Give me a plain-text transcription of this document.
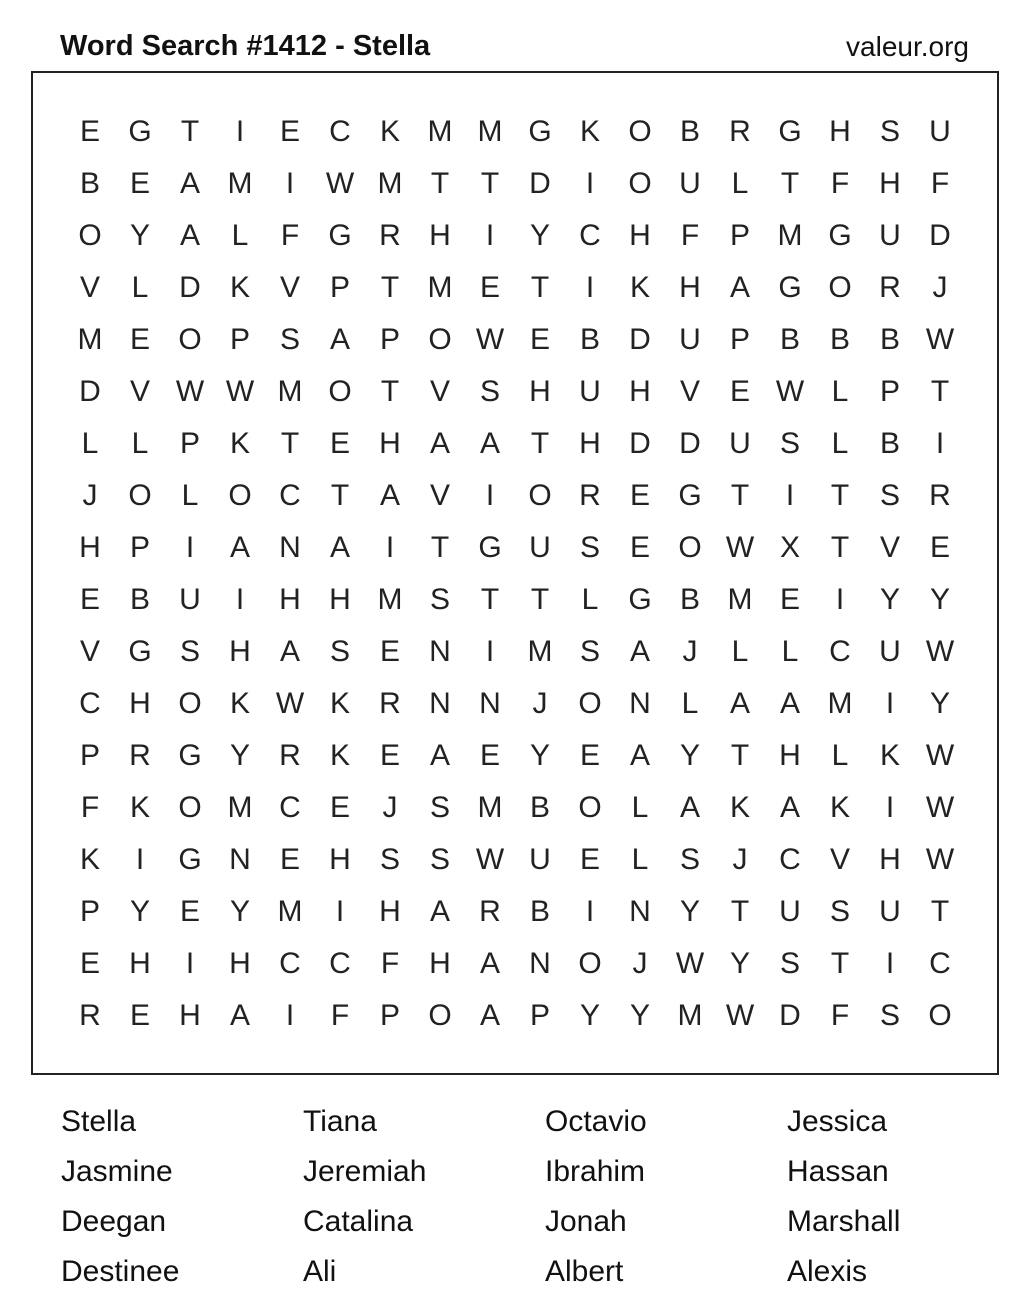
Word Search #1412 - Stella	valeur.org
E G T	I	E C K M M G K O B R G H S U
B E A M	I	W M T	T	D	I	O U	L	T	F	H	F
O Y A	L	F G R H	I	Y C H	F	P M G U D
V	L	D K V P	T M E	T	I	K H A G O R	J
M E O P S A P O W E B D U P B B B W
D V W W M O T	V S H U H V E W L	P	T
L	L	P K	T	E H A A	T	H D D U S	L	B	I
J	O L O C	T	A V	I	O R E G T	I	T	S R
H P	I	A N A	I	T G U S E O W X	T	V E
E B U	I	H H M S	T	T	L G B M E	I	Y Y
V G S H A S E N	I	M S A	J	L	L	C U W
C H O K W K R N N	J	O N	L	A A M	I	Y
P R G Y R K E A E Y E A Y	T	H	L	K W
F	K O M C E	J	S M B O L	A K A K	I	W
K	I	G N E H S S W U E	L	S	J	C V H W
P Y E Y M	I	H A R B	I	N Y	T	U S U	T
E H	I	H C C	F	H A N O	J W Y S	T	I	C
R E H A	I	F	P O A P Y Y M W D	F	S O
Stella	Tiana	Octavio	Jessica
Jasmine	Jeremiah	Ibrahim	Hassan
Deegan	Catalina	Jonah	Marshall
Destinee	Ali	Albert	Alexis
